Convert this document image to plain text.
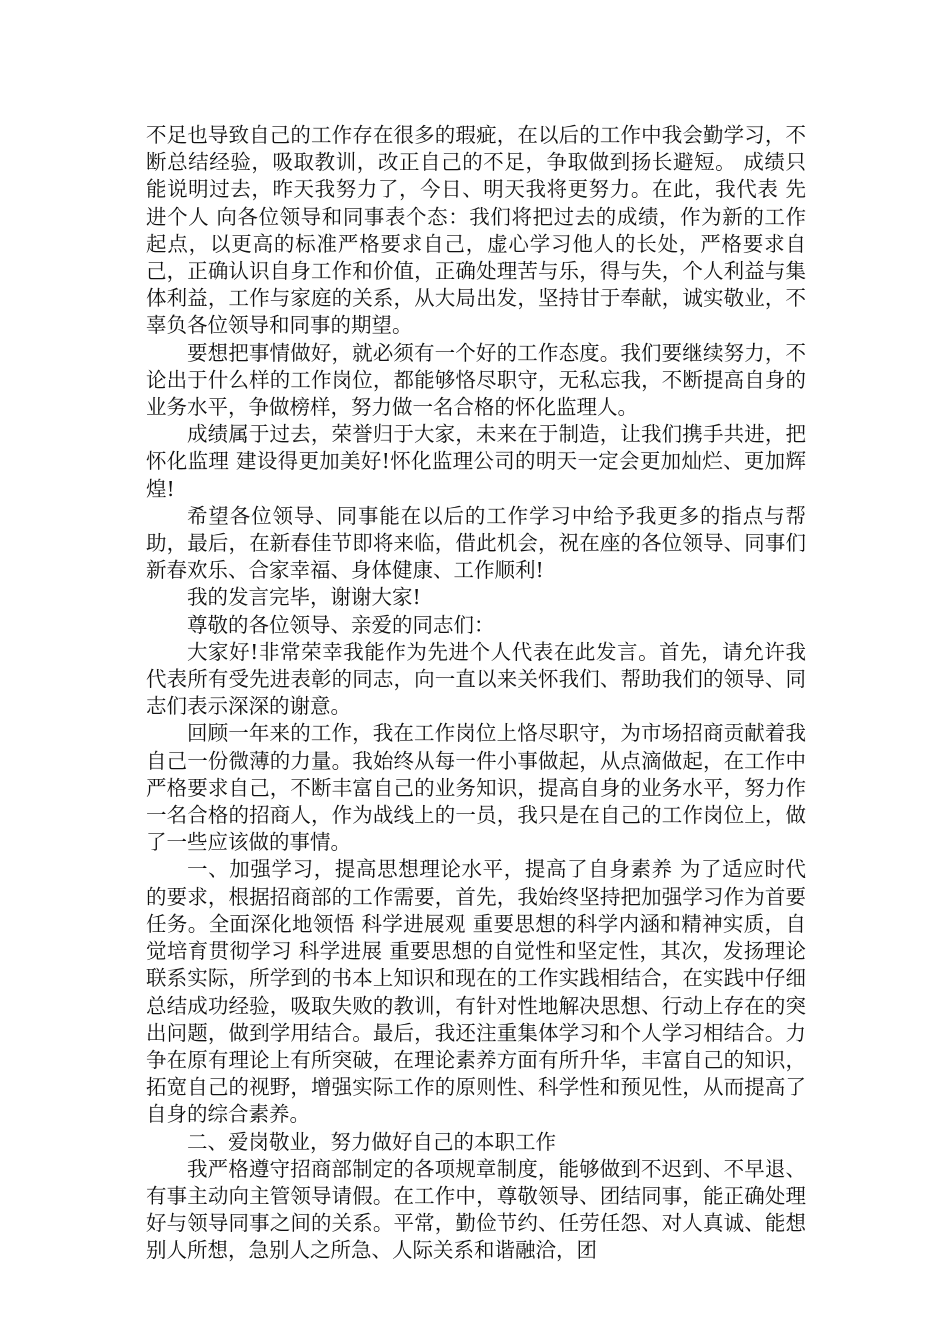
不足也导致自己的工作存在很多的瑕疵，在以后的工作中我会勤学习，不断总结经验，吸取教训，改正自己的不足，争取做到扬长避短。 成绩只能说明过去，昨天我努力了，今日、明天我将更努力。在此，我代表 先进个人 向各位领导和同事表个态：我们将把过去的成绩，作为新的工作起点，以更高的标准严格要求自己，虚心学习他人的长处，严格要求自己，正确认识自身工作和价值，正确处理苦与乐，得与失，个人利益与集体利益，工作与家庭的关系，从大局出发，坚持甘于奉献，诚实敬业，不辜负各位领导和同事的期望。

要想把事情做好，就必须有一个好的工作态度。我们要继续努力，不论出于什么样的工作岗位，都能够恪尽职守，无私忘我，不断提高自身的业务水平，争做榜样，努力做一名合格的怀化监理人。

成绩属于过去，荣誉归于大家，未来在于制造，让我们携手共进，把 怀化监理 建设得更加美好!怀化监理公司的明天一定会更加灿烂、更加辉煌!

希望各位领导、同事能在以后的工作学习中给予我更多的指点与帮助，最后，在新春佳节即将来临，借此机会，祝在座的各位领导、同事们新春欢乐、合家幸福、身体健康、工作顺利!

我的发言完毕，谢谢大家!

尊敬的各位领导、亲爱的同志们：

大家好!非常荣幸我能作为先进个人代表在此发言。首先，请允许我代表所有受先进表彰的同志，向一直以来关怀我们、帮助我们的领导、同志们表示深深的谢意。

回顾一年来的工作，我在工作岗位上恪尽职守，为市场招商贡献着我自己一份微薄的力量。我始终从每一件小事做起，从点滴做起，在工作中严格要求自己，不断丰富自己的业务知识，提高自身的业务水平，努力作一名合格的招商人，作为战线上的一员，我只是在自己的工作岗位上，做了一些应该做的事情。

一、加强学习，提高思想理论水平，提高了自身素养 为了适应时代的要求，根据招商部的工作需要，首先，我始终坚持把加强学习作为首要任务。全面深化地领悟 科学进展观 重要思想的科学内涵和精神实质，自觉培育贯彻学习 科学进展 重要思想的自觉性和坚定性，其次，发扬理论联系实际，所学到的书本上知识和现在的工作实践相结合，在实践中仔细总结成功经验，吸取失败的教训，有针对性地解决思想、行动上存在的突出问题，做到学用结合。最后，我还注重集体学习和个人学习相结合。力争在原有理论上有所突破，在理论素养方面有所升华，丰富自己的知识，拓宽自己的视野，增强实际工作的原则性、科学性和预见性，从而提高了自身的综合素养。

二、爱岗敬业，努力做好自己的本职工作

我严格遵守招商部制定的各项规章制度，能够做到不迟到、不早退、有事主动向主管领导请假。在工作中，尊敬领导、团结同事，能正确处理好与领导同事之间的关系。平常，勤俭节约、任劳任怨、对人真诚、能想别人所想，急别人之所急、人际关系和谐融洽，团
